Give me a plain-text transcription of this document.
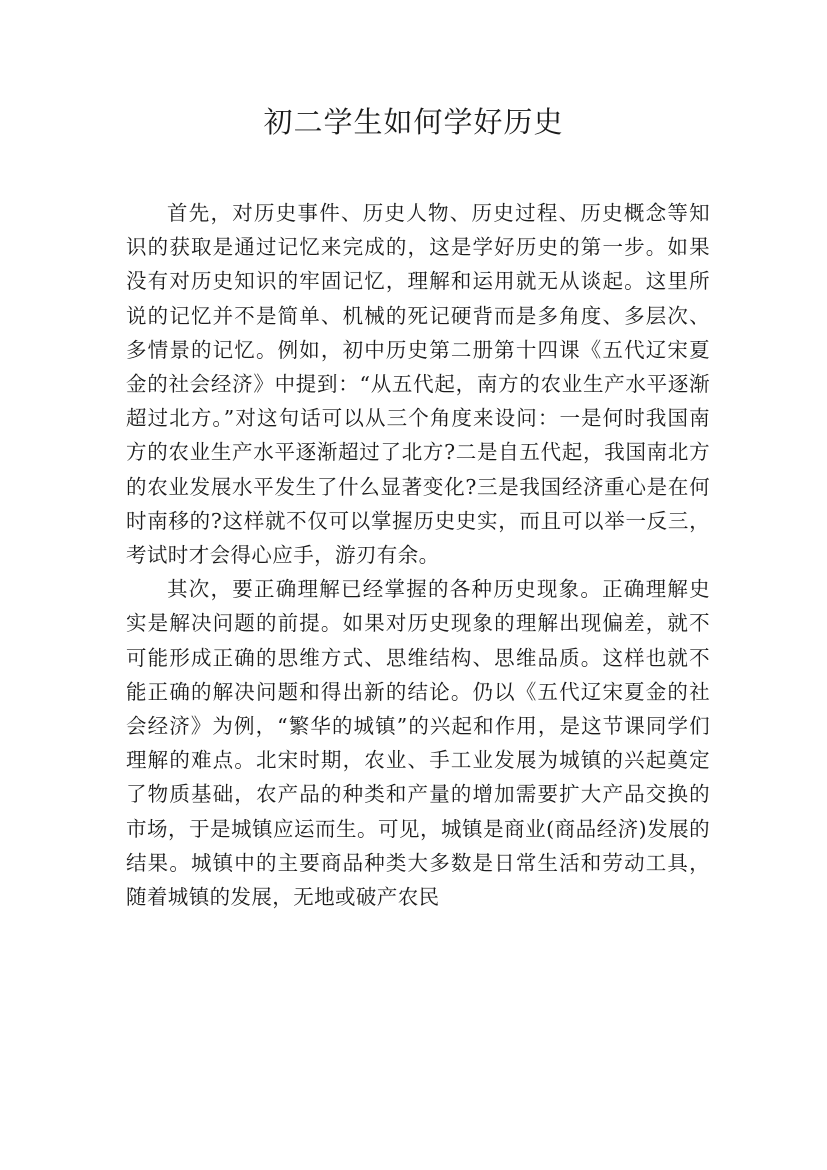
初二学生如何学好历史

首先，对历史事件、历史人物、历史过程、历史概念等知识的获取是通过记忆来完成的，这是学好历史的第一步。如果没有对历史知识的牢固记忆，理解和运用就无从谈起。这里所说的记忆并不是简单、机械的死记硬背而是多角度、多层次、多情景的记忆。例如，初中历史第二册第十四课《五代辽宋夏金的社会经济》中提到：“从五代起，南方的农业生产水平逐渐超过北方。”对这句话可以从三个角度来设问：一是何时我国南方的农业生产水平逐渐超过了北方?二是自五代起，我国南北方的农业发展水平发生了什么显著变化?三是我国经济重心是在何时南移的?这样就不仅可以掌握历史史实，而且可以举一反三，考试时才会得心应手，游刃有余。

其次，要正确理解已经掌握的各种历史现象。正确理解史实是解决问题的前提。如果对历史现象的理解出现偏差，就不可能形成正确的思维方式、思维结构、思维品质。这样也就不能正确的解决问题和得出新的结论。仍以《五代辽宋夏金的社会经济》为例，“繁华的城镇”的兴起和作用，是这节课同学们理解的难点。北宋时期，农业、手工业发展为城镇的兴起奠定了物质基础，农产品的种类和产量的增加需要扩大产品交换的市场，于是城镇应运而生。可见，城镇是商业(商品经济)发展的结果。城镇中的主要商品种类大多数是日常生活和劳动工具，随着城镇的发展，无地或破产农民
